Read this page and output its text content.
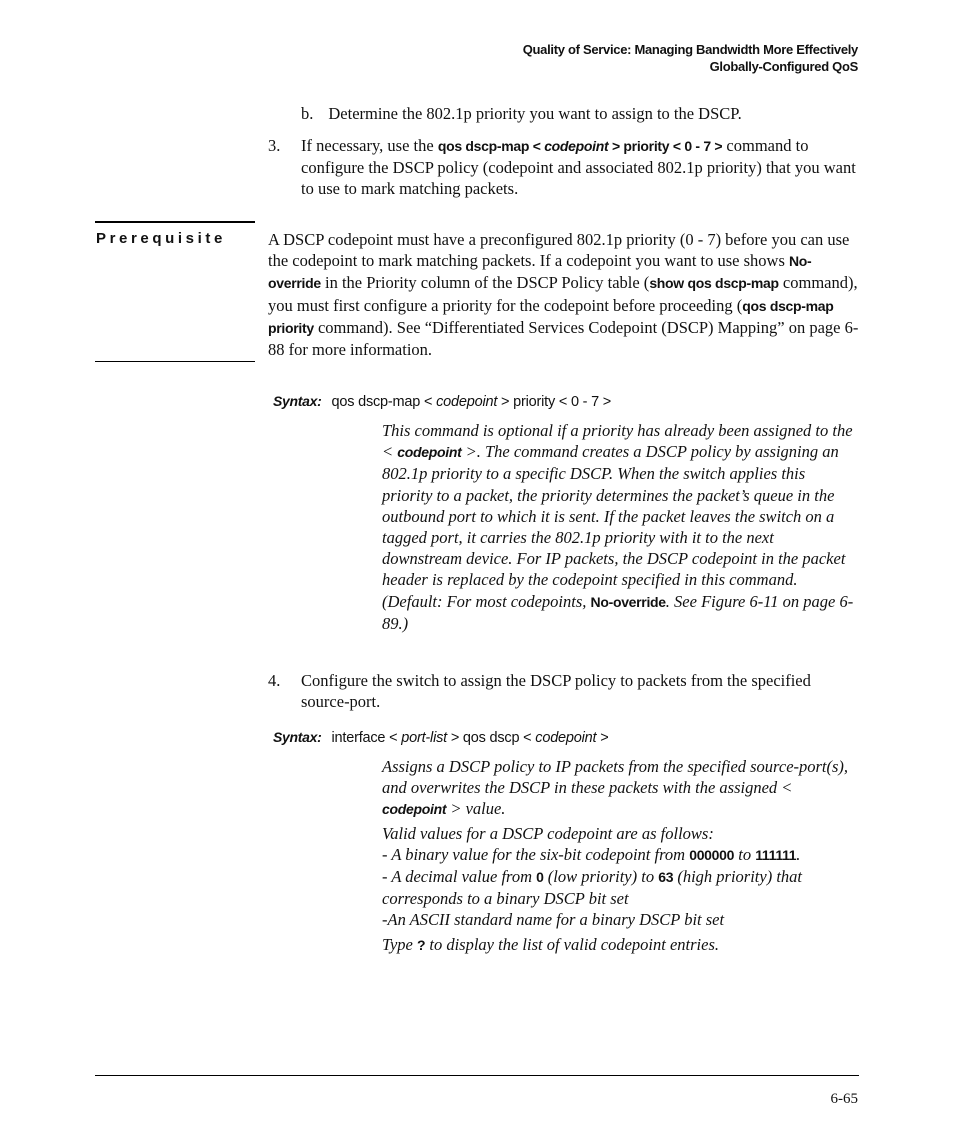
Quality of Service: Managing Bandwidth More Effectively
Globally-Configured QoS
b. Determine the 802.1p priority you want to assign to the DSCP.
3. If necessary, use the qos dscp-map < codepoint > priority < 0 - 7 > command to configure the DSCP policy (codepoint and associated 802.1p priority) that you want to use to mark matching packets.
Prerequisite	A DSCP codepoint must have a preconfigured 802.1p priority (0 - 7) before you can use the codepoint to mark matching packets. If a codepoint you want to use shows No-override in the Priority column of the DSCP Policy table (show qos dscp-map command), you must first configure a priority for the codepoint before proceeding (qos dscp-map priority command). See “Differentiated Services Codepoint (DSCP) Mapping” on page 6-88 for more information.
Syntax: qos dscp-map < codepoint > priority < 0 - 7 >
This command is optional if a priority has already been assigned to the < codepoint >. The command creates a DSCP policy by assigning an 802.1p priority to a specific DSCP. When the switch applies this priority to a packet, the priority determines the packet’s queue in the outbound port to which it is sent. If the packet leaves the switch on a tagged port, it carries the 802.1p priority with it to the next downstream device. For IP packets, the DSCP codepoint in the packet header is replaced by the codepoint specified in this command. (Default: For most codepoints, No-override. See Figure 6-11 on page 6-89.)
4. Configure the switch to assign the DSCP policy to packets from the specified source-port.
Syntax: interface < port-list > qos dscp < codepoint >
Assigns a DSCP policy to IP packets from the specified source-port(s), and overwrites the DSCP in these packets with the assigned < codepoint > value.
Valid values for a DSCP codepoint are as follows:
- A binary value for the six-bit codepoint from 000000 to 111111.
- A decimal value from 0 (low priority) to 63 (high priority) that corresponds to a binary DSCP bit set
-An ASCII standard name for a binary DSCP bit set
Type ? to display the list of valid codepoint entries.
6-65
